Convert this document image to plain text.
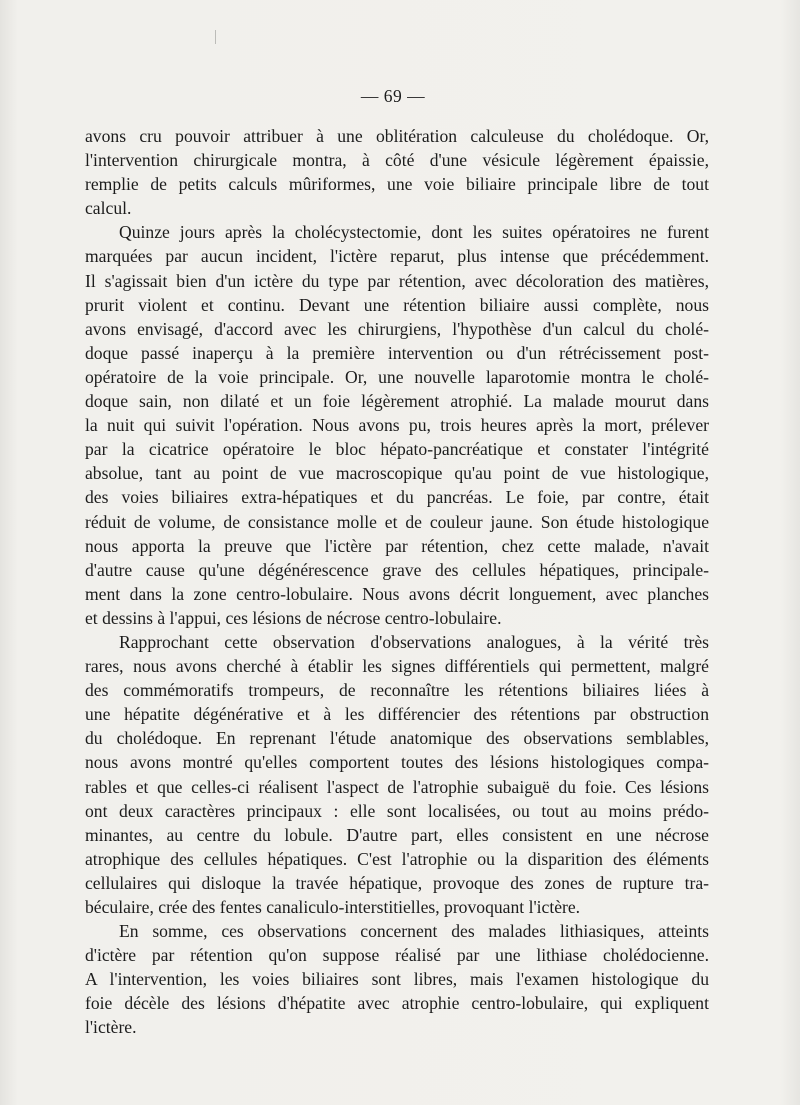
— 69 —

avons cru pouvoir attribuer à une oblitération calculeuse du cholédoque. Or,

l'intervention chirurgicale montra, à côté d'une vésicule légèrement épaissie,

remplie de petits calculs mûriformes, une voie biliaire principale libre de tout

calcul.

Quinze jours après la cholécystectomie, dont les suites opératoires ne furent

marquées par aucun incident, l'ictère reparut, plus intense que précédemment.

Il s'agissait bien d'un ictère du type par rétention, avec décoloration des matières,

prurit violent et continu. Devant une rétention biliaire aussi complète, nous

avons envisagé, d'accord avec les chirurgiens, l'hypothèse d'un calcul du cholé-

doque passé inaperçu à la première intervention ou d'un rétrécissement post-

opératoire de la voie principale. Or, une nouvelle laparotomie montra le cholé-

doque sain, non dilaté et un foie légèrement atrophié. La malade mourut dans

la nuit qui suivit l'opération. Nous avons pu, trois heures après la mort, prélever

par la cicatrice opératoire le bloc hépato-pancréatique et constater l'intégrité

absolue, tant au point de vue macroscopique qu'au point de vue histologique,

des voies biliaires extra-hépatiques et du pancréas. Le foie, par contre, était

réduit de volume, de consistance molle et de couleur jaune. Son étude histologique

nous apporta la preuve que l'ictère par rétention, chez cette malade, n'avait

d'autre cause qu'une dégénérescence grave des cellules hépatiques, principale-

ment dans la zone centro-lobulaire. Nous avons décrit longuement, avec planches

et dessins à l'appui, ces lésions de nécrose centro-lobulaire.

Rapprochant cette observation d'observations analogues, à la vérité très

rares, nous avons cherché à établir les signes différentiels qui permettent, malgré

des commémoratifs trompeurs, de reconnaître les rétentions biliaires liées à

une hépatite dégénérative et à les différencier des rétentions par obstruction

du cholédoque. En reprenant l'étude anatomique des observations semblables,

nous avons montré qu'elles comportent toutes des lésions histologiques compa-

rables et que celles-ci réalisent l'aspect de l'atrophie subaiguë du foie. Ces lésions

ont deux caractères principaux : elle sont localisées, ou tout au moins prédo-

minantes, au centre du lobule. D'autre part, elles consistent en une nécrose

atrophique des cellules hépatiques. C'est l'atrophie ou la disparition des éléments

cellulaires qui disloque la travée hépatique, provoque des zones de rupture tra-

béculaire, crée des fentes canaliculo-interstitielles, provoquant l'ictère.

En somme, ces observations concernent des malades lithiasiques, atteints

d'ictère par rétention qu'on suppose réalisé par une lithiase cholédocienne.

A l'intervention, les voies biliaires sont libres, mais l'examen histologique du

foie décèle des lésions d'hépatite avec atrophie centro-lobulaire, qui expliquent

l'ictère.
